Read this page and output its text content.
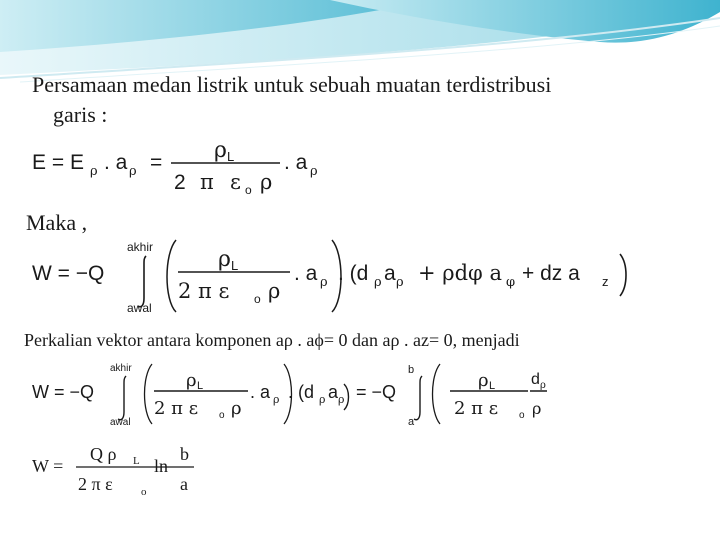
Persamaan medan listrik untuk sebuah muatan terdistribusi
garis :
E = E ρ . a ρ = ρ L
2 π ε o ρ
. a ρ
Maka ,
W = −Q
akhir
awal
ρ L
2 π ε o ρ
. a ρ . (d ρ a ρ + ρdφ a φ + dz a z
Perkalian vektor antara komponen aρ . aϕ= 0 dan aρ . az= 0, menjadi
W = −Q
akhir
awal
ρ L
2 π ε o ρ
. a ρ . (d ρ a ρ = −Q
b
a
ρ L
2 π ε o
d ρ
ρ
W =
Q ρ L
2 π ε	o
ln
b
a
